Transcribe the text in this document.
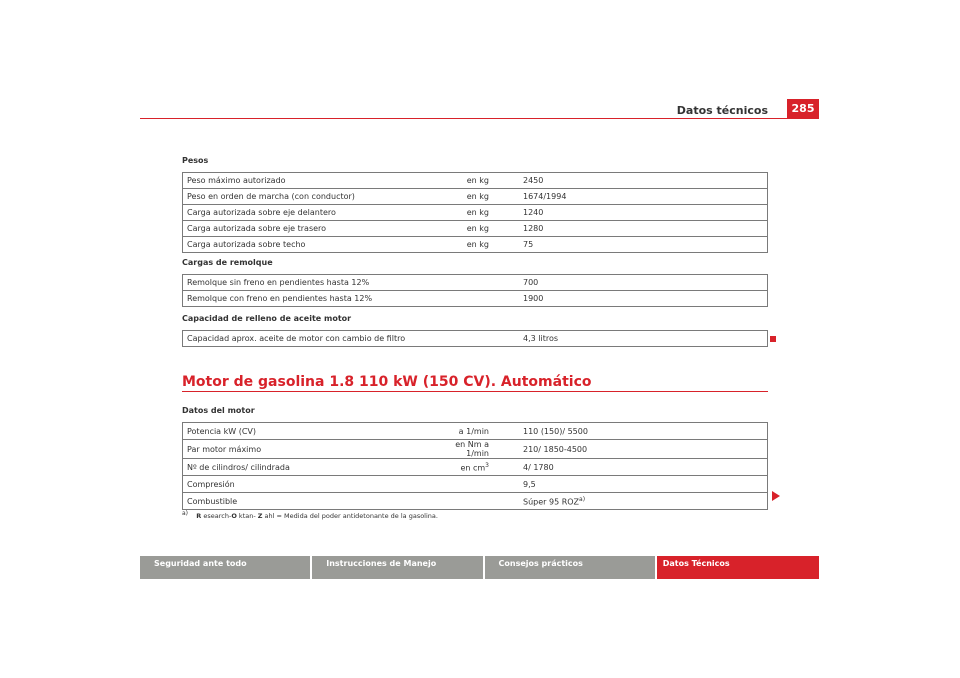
Datos técnicos	285
Pesos
Peso máximo autorizado	en kg	2450
Peso en orden de marcha (con conductor)	en kg	1674/1994
Carga autorizada sobre eje delantero	en kg	1240
Carga autorizada sobre eje trasero	en kg	1280
Carga autorizada sobre techo	en kg	75
Cargas de remolque
Remolque sin freno en pendientes hasta 12%		700
Remolque con freno en pendientes hasta 12%		1900
Capacidad de relleno de aceite motor
Capacidad aprox. aceite de motor con cambio de filtro		4,3 litros
Motor de gasolina 1.8 110 kW (150 CV). Automático
Datos del motor
Potencia kW (CV)	a 1/min	110 (150)/ 5500
Par motor máximo	en Nm a 1/min	210/ 1850-4500
Nº de cilindros/ cilindrada	en $cm^3$	4/ 1780
Compresión		9,5
Combustible		Súper 95 ROZ$^{a)}$
$^{a)}$ R esearch-O ktan- Z ahl = Medida del poder antidetonante de la gasolina.
Seguridad ante todo	Instrucciones de Manejo	Consejos prácticos	Datos Técnicos
